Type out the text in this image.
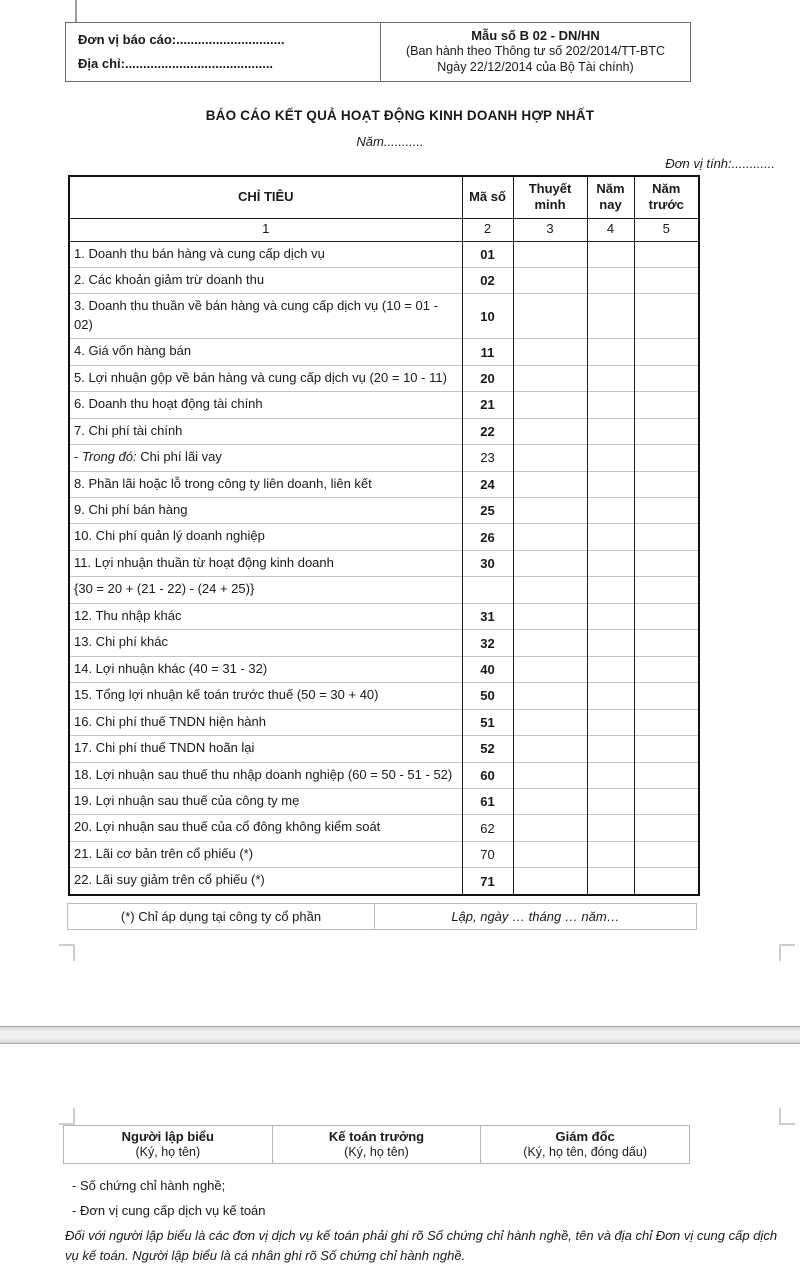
Đơn vị báo cáo:..............................
Địa chỉ:.........................................

Mẫu số B 02 - DN/HN
(Ban hành theo Thông tư số 202/2014/TT-BTC
Ngày 22/12/2014 của Bộ Tài chính)
BÁO CÁO KẾT QUẢ HOẠT ĐỘNG KINH DOANH HỢP NHẤT
Năm...........
Đơn vị tính:............
CHỈ TIÊU	Mã số	Thuyết minh	Năm nay	Năm trước
1	2	3	4	5
1. Doanh thu bán hàng và cung cấp dịch vụ	01			
2. Các khoản giảm trừ doanh thu	02			
3. Doanh thu thuần về bán hàng và cung cấp dịch vụ (10 = 01 - 02)	10			
4. Giá vốn hàng bán	11			
5. Lợi nhuận gộp về bán hàng và cung cấp dịch vụ (20 = 10 - 11)	20			
6. Doanh thu hoạt động tài chính	21			
7. Chi phí tài chính	22			
- Trong đó: Chi phí lãi vay	23			
8. Phần lãi hoặc lỗ trong công ty liên doanh, liên kết	24			
9. Chi phí bán hàng	25			
10. Chi phí quản lý doanh nghiệp	26			
11. Lợi nhuận thuần từ hoạt động kinh doanh	30			
{30 = 20 + (21 - 22) - (24 + 25)}				
12. Thu nhập khác	31			
13. Chi phí khác	32			
14. Lợi nhuận khác (40 = 31 - 32)	40			
15. Tổng lợi nhuận kế toán trước thuế (50 = 30 + 40)	50			
16. Chi phí thuế TNDN hiện hành	51			
17. Chi phí thuế TNDN hoãn lại	52			
18. Lợi nhuận sau thuế thu nhập doanh nghiệp (60 = 50 - 51 - 52)	60			
19. Lợi nhuận sau thuế của công ty mẹ	61			
20. Lợi nhuận sau thuế của cổ đông không kiểm soát	62			
21. Lãi cơ bản trên cổ phiếu (*)	70			
22. Lãi suy giảm trên cổ phiếu (*)	71			
(*) Chỉ áp dụng tại công ty cổ phần	Lập, ngày … tháng … năm…
Người lập biểu
(Ký, họ tên)

Kế toán trưởng
(Ký, họ tên)

Giám đốc
(Ký, họ tên, đóng dấu)
- Số chứng chỉ hành nghề;
- Đơn vị cung cấp dịch vụ kế toán
Đối với người lập biểu là các đơn vị dịch vụ kế toán phải ghi rõ Số chứng chỉ hành nghề, tên và địa chỉ Đơn vị cung cấp dịch vụ kế toán. Người lập biểu là cá nhân ghi rõ Số chứng chỉ hành nghề.
